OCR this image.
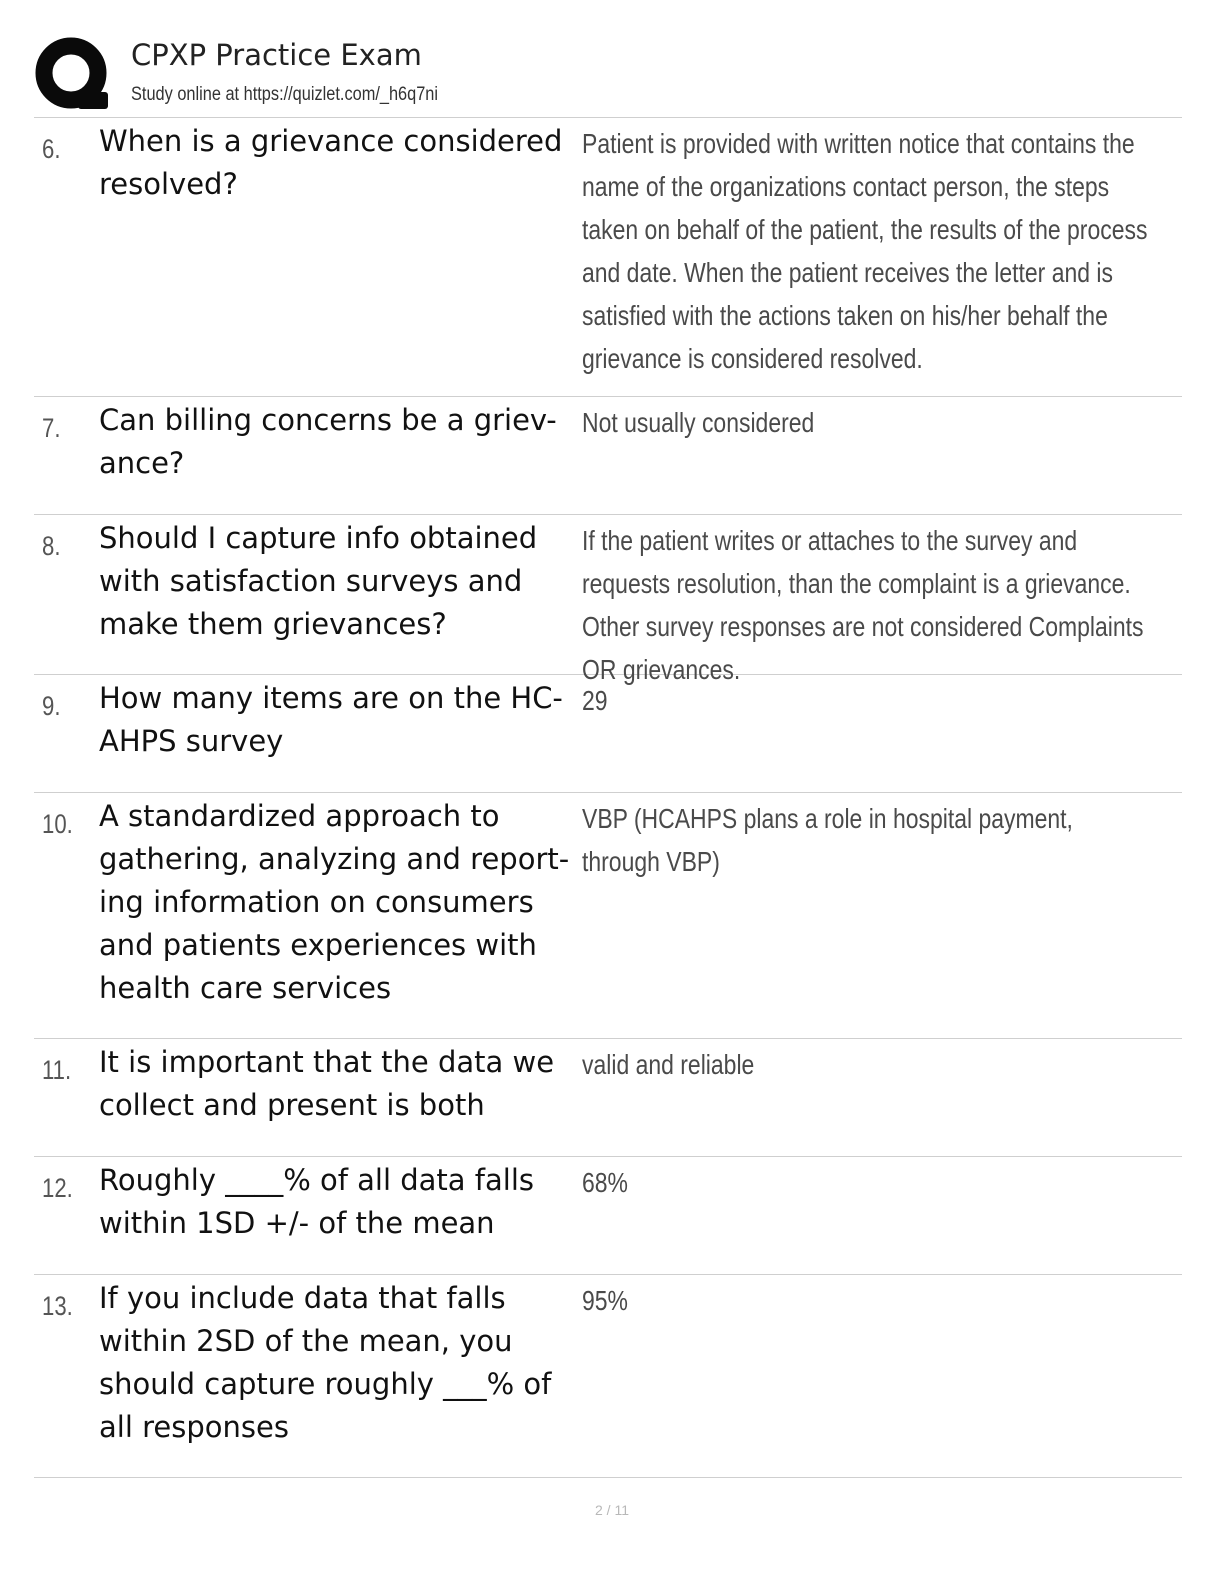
CPXP Practice Exam
Study online at https://quizlet.com/_h6q7ni
6. When is a grievance considered resolved?
Patient is provided with written notice that contains the name of the organizations contact person, the steps taken on behalf of the patient, the results of the process and date. When the patient receives the letter and is satisfied with the actions taken on his/her behalf the grievance is considered resolved.
7. Can billing concerns be a griev-ance?
Not usually considered
8. Should I capture info obtained with satisfaction surveys and make them grievances?
If the patient writes or attaches to the survey and requests resolution, than the complaint is a grievance. Other survey responses are not considered Complaints OR grievances.
9. How many items are on the HC-AHPS survey
29
10. A standardized approach to gathering, analyzing and report-ing information on consumers and patients experiences with health care services
VBP (HCAHPS plans a role in hospital payment, through VBP)
11. It is important that the data we collect and present is both
valid and reliable
12. Roughly ____% of all data falls within 1SD +/- of the mean
68%
13. If you include data that falls within 2SD of the mean, you should capture roughly ___% of all responses
95%
2 / 11
